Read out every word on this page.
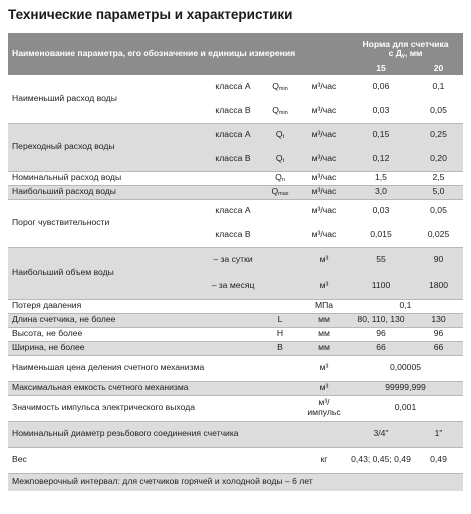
Технические параметры и характеристики
Наименование параметра, его обозначение и единицы измерения				Норма для счетчика
с $Д_у$, мм	
				15	20
Наименьший расход воды	класса А	$Q_{min}$	м³/час	0,06	0,1
	класса В	$Q_{min}$	м³/час	0,03	0,05
Переходный расход воды	класса А	$Q_t$	м³/час	0,15	0,25
	класса В	$Q_t$	м³/час	0,12	0,20
Номинальный расход воды		$Q_n$	м³/час	1,5	2,5
Наибольший расход воды		$Q_{max}$	м³/час	3,0	5,0
Порог чувствительности	класса А		м³/час	0,03	0,05
	класса В		м³/час	0,015	0,025
Наибольший объем воды	– за сутки		м³	55	90
	– за месяц		м³	1100	1800
Потеря давления			МПа	0,1	
Длина счетчика, не более		L	мм	80, 110, 130	130
Высота, не более		H	мм	96	96
Ширина, не более		B	мм	66	66
Наименьшая цена деления счетного механизма			м³	0,00005	
Максимальная емкость счетного механизма			м³	99999,999	
Значимость импульса электрического выхода			м³/импульс	0,001	
Номинальный диаметр резьбового соединения счетчика				3/4"	1"
Вес			кг	0,43; 0,45; 0,49	0,49
Межповерочный интервал: для счетчиков горячей и холодной воды – 6 лет					
